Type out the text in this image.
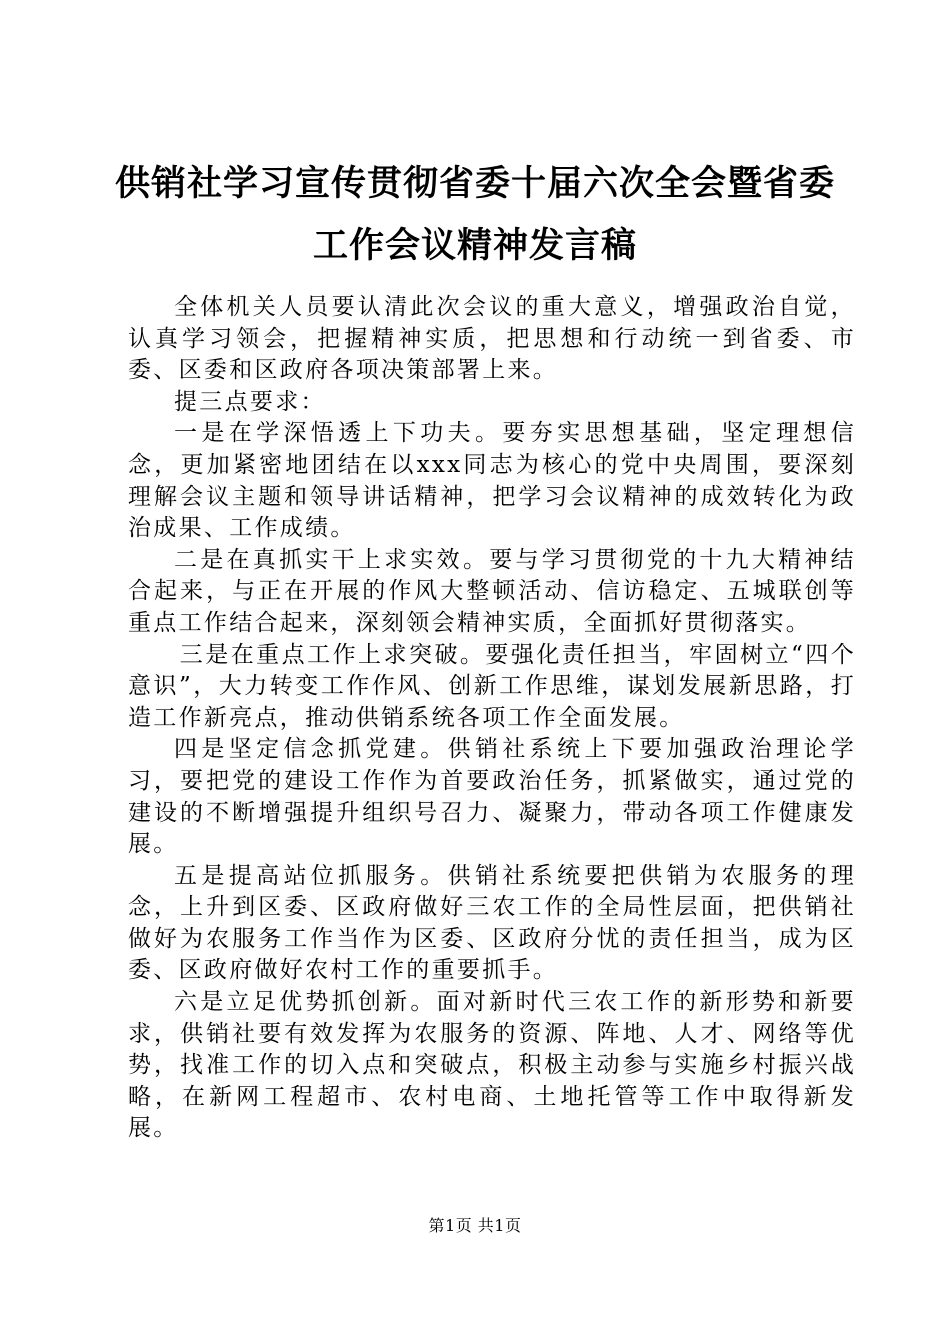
供销社学习宣传贯彻省委十届六次全会暨省委
工作会议精神发言稿

全体机关人员要认清此次会议的重大意义，增强政治自觉，认真学习领会，把握精神实质，把思想和行动统一到省委、市委、区委和区政府各项决策部署上来。

提三点要求：

一是在学深悟透上下功夫。要夯实思想基础，坚定理想信念，更加紧密地团结在以xxx同志为核心的党中央周围，要深刻理解会议主题和领导讲话精神，把学习会议精神的成效转化为政治成果、工作成绩。

二是在真抓实干上求实效。要与学习贯彻党的十九大精神结合起来，与正在开展的作风大整顿活动、信访稳定、五城联创等重点工作结合起来，深刻领会精神实质，全面抓好贯彻落实。

三是在重点工作上求突破。要强化责任担当，牢固树立“四个意识”，大力转变工作作风、创新工作思维，谋划发展新思路，打造工作新亮点，推动供销系统各项工作全面发展。

四是坚定信念抓党建。供销社系统上下要加强政治理论学习，要把党的建设工作作为首要政治任务，抓紧做实，通过党的建设的不断增强提升组织号召力、凝聚力，带动各项工作健康发展。

五是提高站位抓服务。供销社系统要把供销为农服务的理念，上升到区委、区政府做好三农工作的全局性层面，把供销社做好为农服务工作当作为区委、区政府分忧的责任担当，成为区委、区政府做好农村工作的重要抓手。

六是立足优势抓创新。面对新时代三农工作的新形势和新要求，供销社要有效发挥为农服务的资源、阵地、人才、网络等优势，找准工作的切入点和突破点，积极主动参与实施乡村振兴战略，在新网工程超市、农村电商、土地托管等工作中取得新发展。

第1页 共1页
